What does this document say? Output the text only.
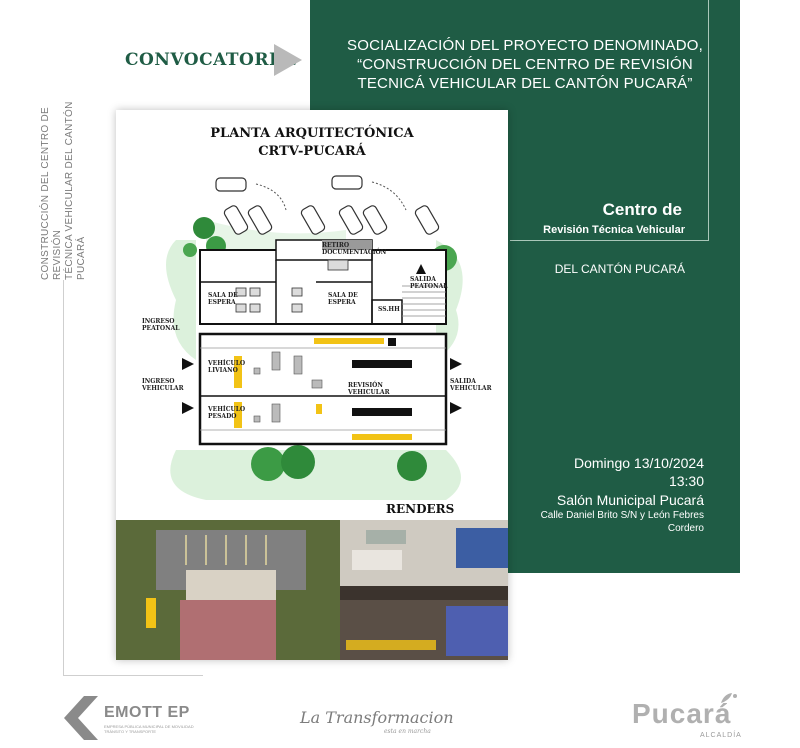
CONSTRUCCIÓN DEL CENTRO DE REVISIÓN TÉCNICA VEHICULAR DEL CANTÓN PUCARÁ
CONVOCATORIA:
SOCIALIZACIÓN DEL PROYECTO DENOMINADO,
“CONSTRUCCIÓN DEL CENTRO DE REVISIÓN
TECNICÁ VEHICULAR DEL CANTÓN PUCARÁ”
Centro de
Revisión Técnica Vehicular
DEL CANTÓN PUCARÁ
Domingo 13/10/2024
13:30
Salón Municipal Pucará
Calle Daniel Brito S/N y León Febres
Cordero
PLANTA ARQUITECTÓNICA
CRTV-PUCARÁ
RETIRO
DOCUMENTACIÓN
SALA DE
ESPERA
SALA DE
ESPERA
SS.HH
SALIDA
PEATONAL
INGRESO
PEATONAL
INGRESO
VEHICULAR
SALIDA
VEHICULAR
VEHÍCULO
LIVIANO
VEHÍCULO
PESADO
REVISIÓN
VEHICULAR
RENDERS
EMOTT EP
EMPRESA PÚBLICA MUNICIPAL DE MOVILIDAD TRÁNSITO Y TRANSPORTE
La Transformacion
esta en marcha
Pucará
ALCALDÍA
